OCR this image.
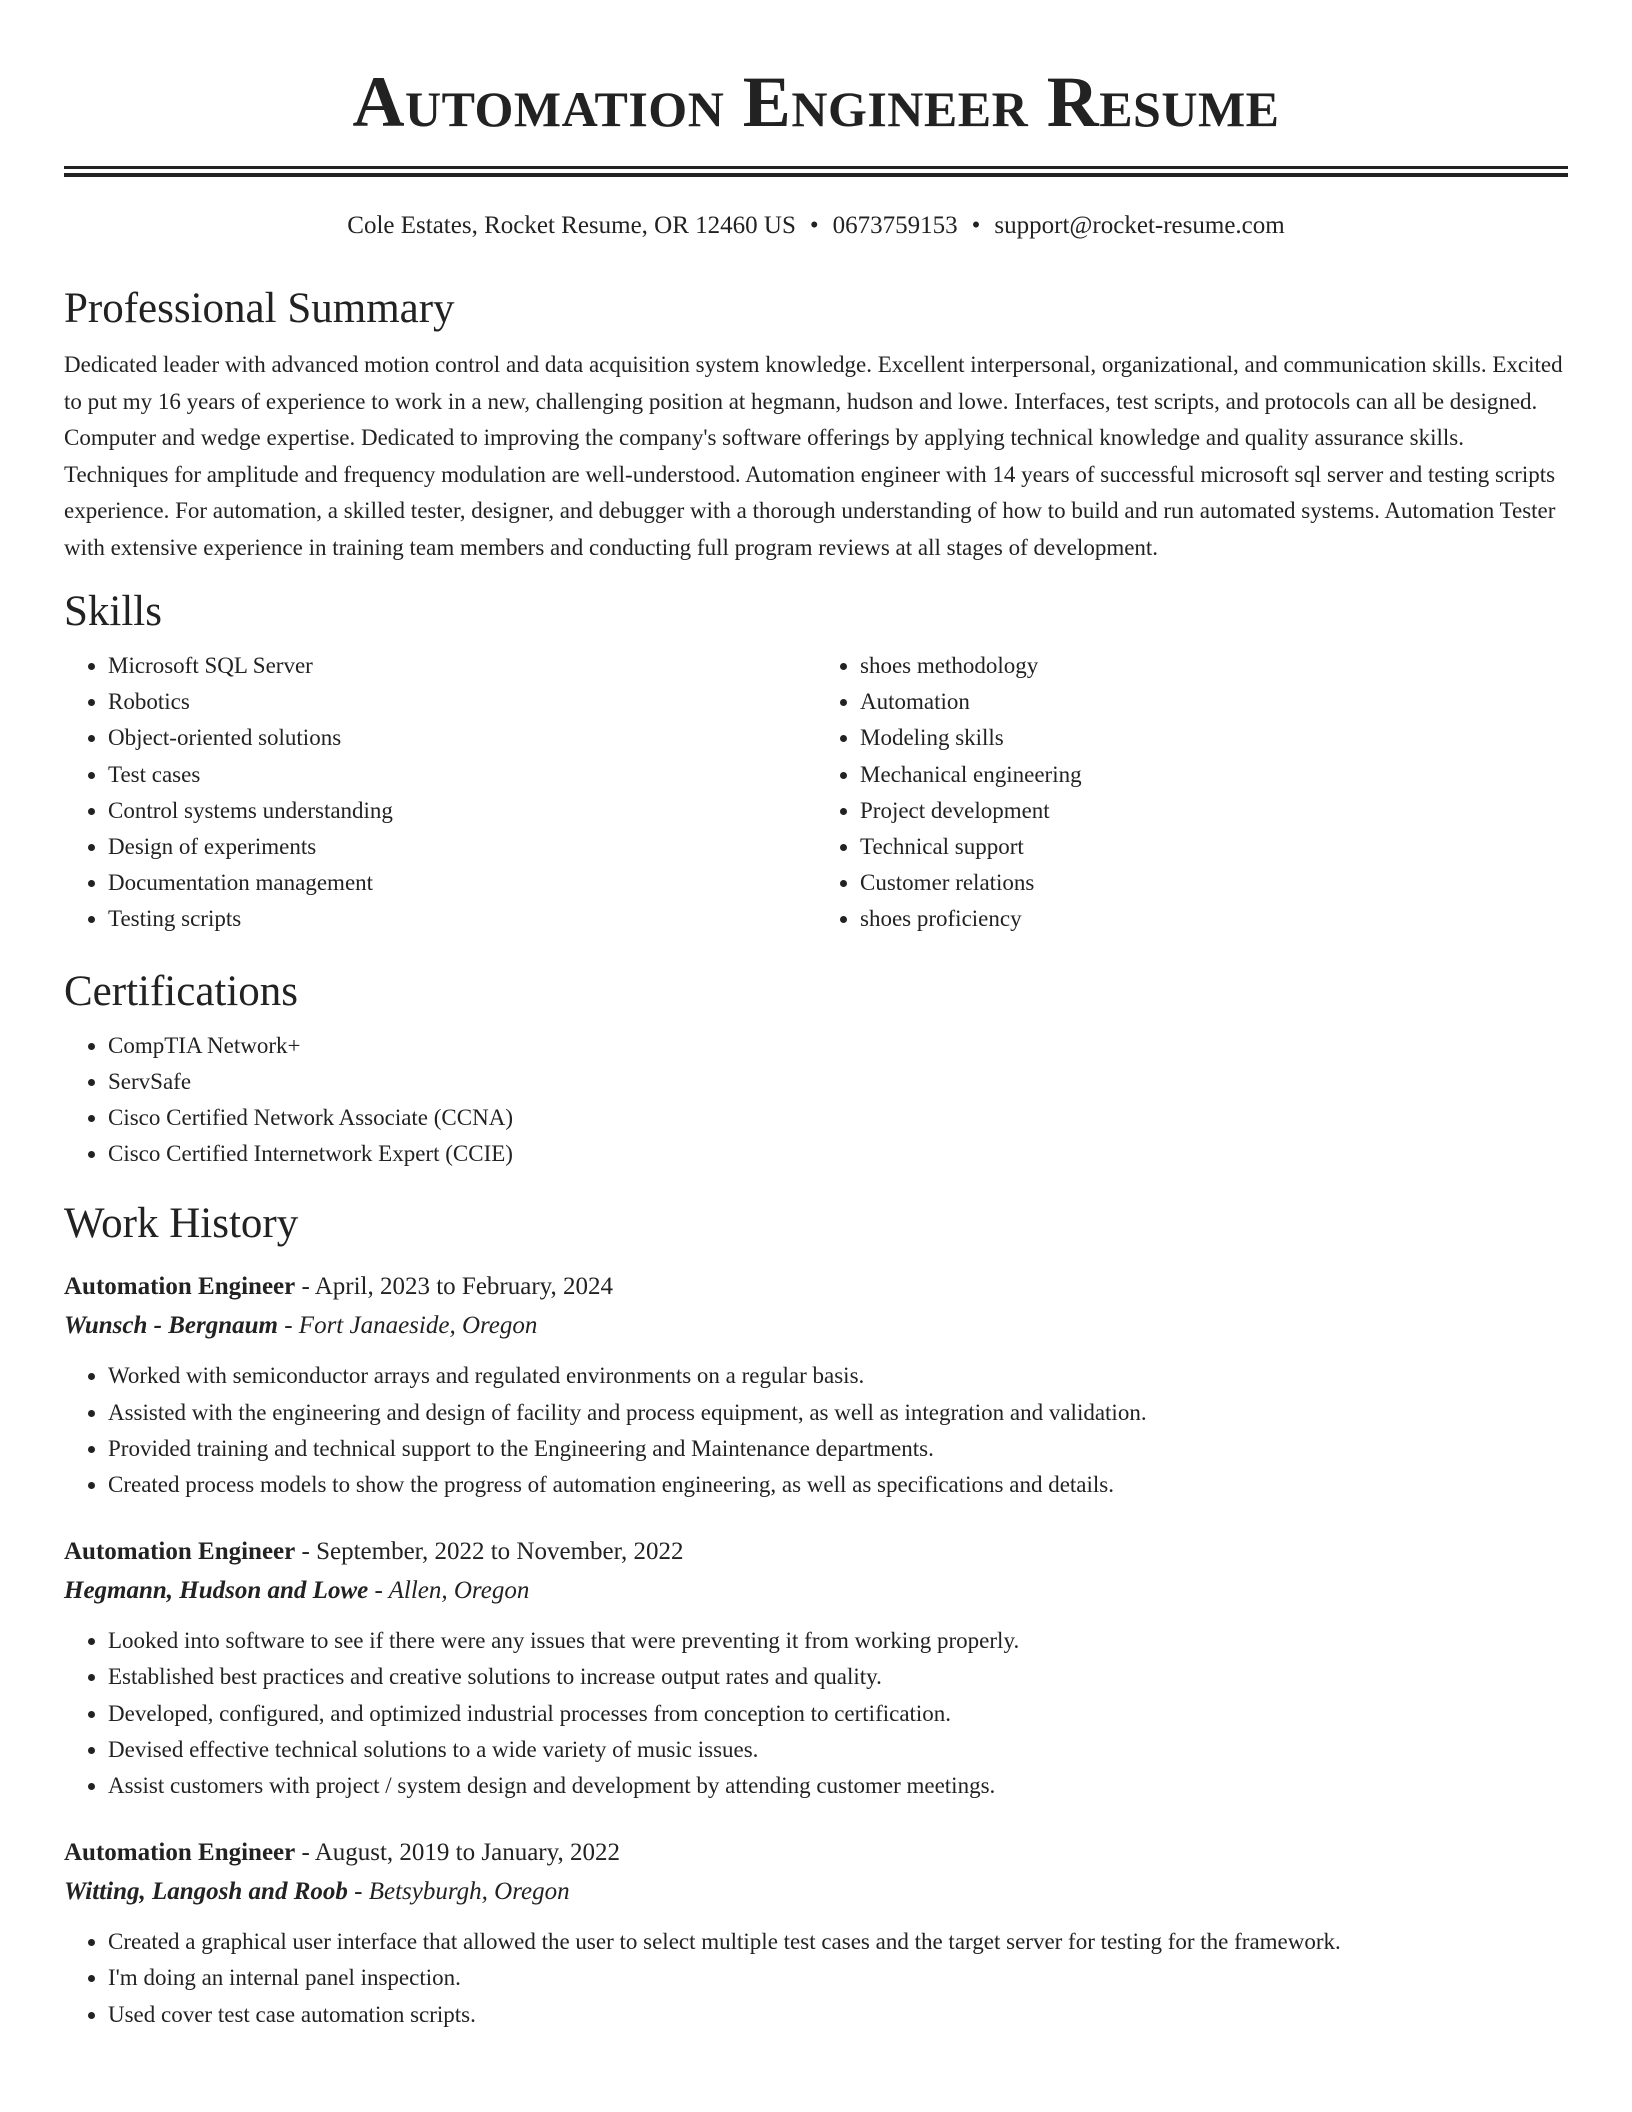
Automation Engineer Resume
Cole Estates, Rocket Resume, OR 12460 US • 0673759153 • support@rocket-resume.com
Professional Summary

Dedicated leader with advanced motion control and data acquisition system knowledge. Excellent interpersonal, organizational, and communication skills. Excited to put my 16 years of experience to work in a new, challenging position at hegmann, hudson and lowe. Interfaces, test scripts, and protocols can all be designed. Computer and wedge expertise. Dedicated to improving the company's software offerings by applying technical knowledge and quality assurance skills. Techniques for amplitude and frequency modulation are well-understood. Automation engineer with 14 years of successful microsoft sql server and testing scripts experience. For automation, a skilled tester, designer, and debugger with a thorough understanding of how to build and run automated systems. Automation Tester with extensive experience in training team members and conducting full program reviews at all stages of development.

Skills
• Microsoft SQL Server
• Robotics
• Object-oriented solutions
• Test cases
• Control systems understanding
• Design of experiments
• Documentation management
• Testing scripts
• shoes methodology
• Automation
• Modeling skills
• Mechanical engineering
• Project development
• Technical support
• Customer relations
• shoes proficiency
Certifications
• CompTIA Network+
• ServSafe
• Cisco Certified Network Associate (CCNA)
• Cisco Certified Internetwork Expert (CCIE)
Work History
Automation Engineer - April, 2023 to February, 2024
Wunsch - Bergnaum - Fort Janaeside, Oregon
• Worked with semiconductor arrays and regulated environments on a regular basis.
• Assisted with the engineering and design of facility and process equipment, as well as integration and validation.
• Provided training and technical support to the Engineering and Maintenance departments.
• Created process models to show the progress of automation engineering, as well as specifications and details.
Automation Engineer - September, 2022 to November, 2022
Hegmann, Hudson and Lowe - Allen, Oregon
• Looked into software to see if there were any issues that were preventing it from working properly.
• Established best practices and creative solutions to increase output rates and quality.
• Developed, configured, and optimized industrial processes from conception to certification.
• Devised effective technical solutions to a wide variety of music issues.
• Assist customers with project / system design and development by attending customer meetings.
Automation Engineer - August, 2019 to January, 2022
Witting, Langosh and Roob - Betsyburgh, Oregon
• Created a graphical user interface that allowed the user to select multiple test cases and the target server for testing for the framework.
• I'm doing an internal panel inspection.
• Used cover test case automation scripts.
